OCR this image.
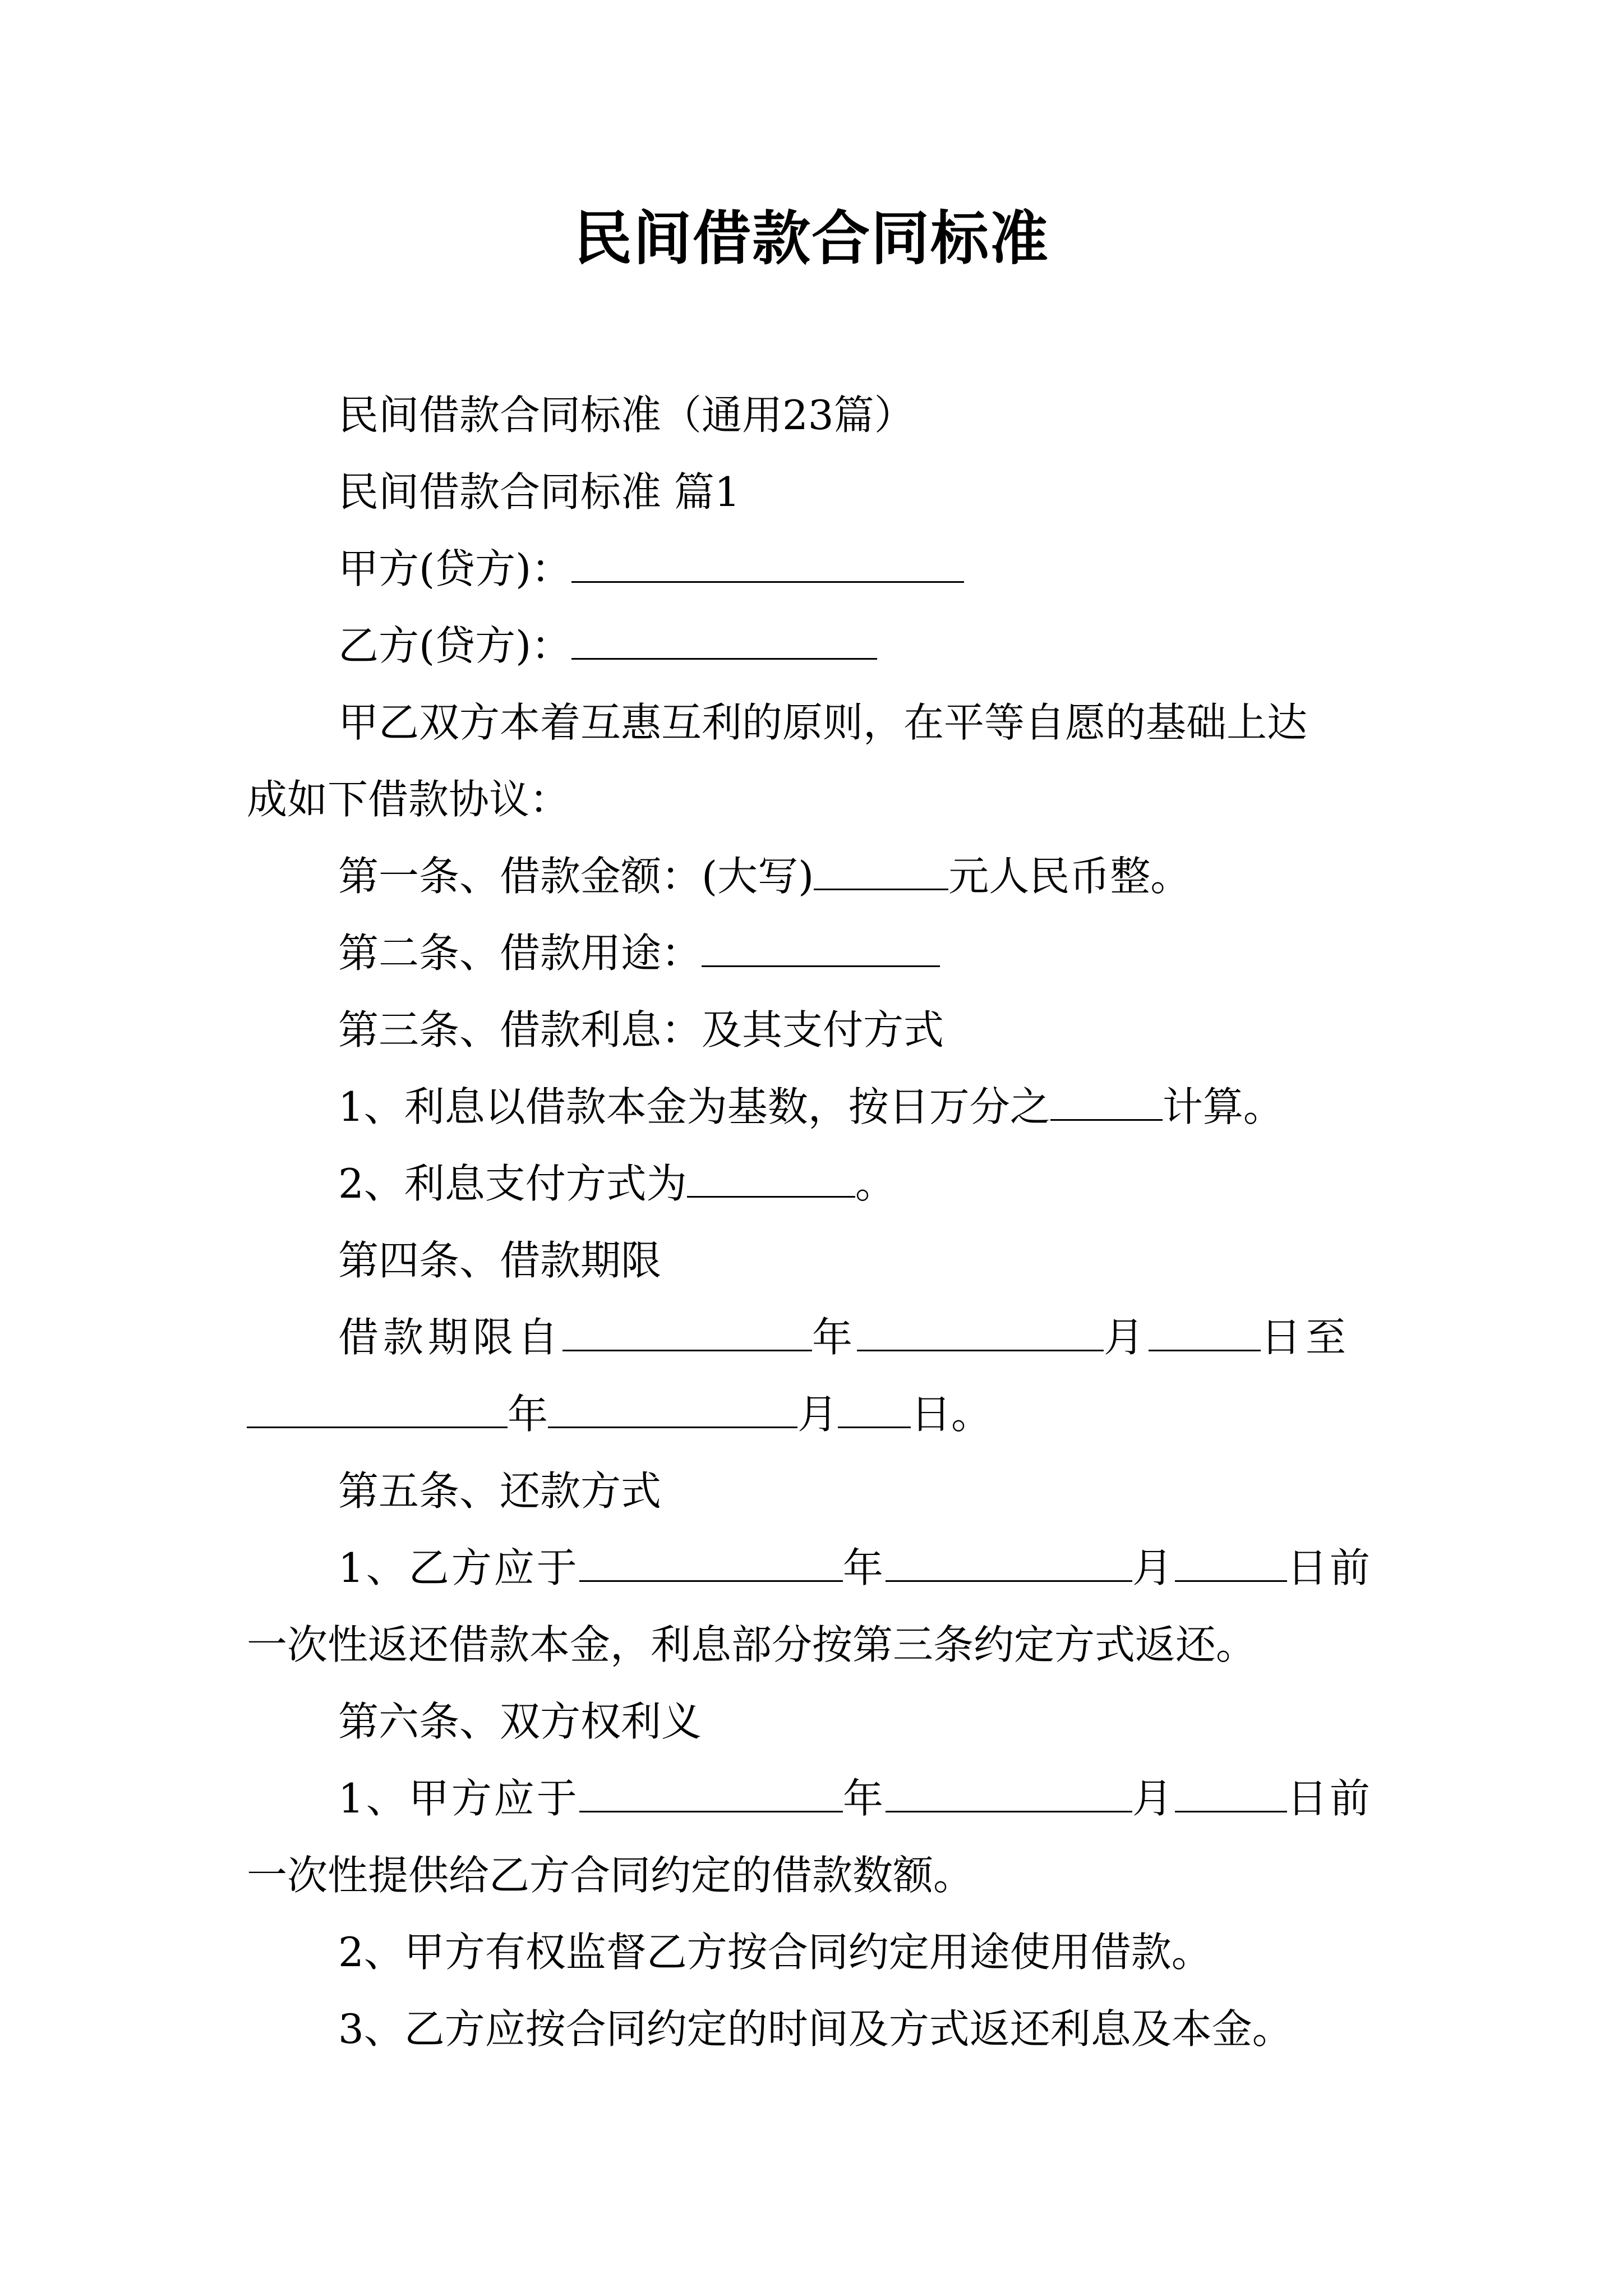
民间借款合同标准
民间借款合同标准（通用23篇）
民间借款合同标准 篇1
甲方(贷方)：
乙方(贷方)：
甲乙双方本着互惠互利的原则，在平等自愿的基础上达
成如下借款协议：
第一条、借款金额：(大写)	元人民币整。
第二条、借款用途：
第三条、借款利息：及其支付方式
1、利息以借款本金为基数，按日万分之	计算。
2、利息支付方式为	。
第四条、借款期限
借款期限自	年	月	日至
年	月 日。
第五条、还款方式
1、乙方应于	年	月	日前
一次性返还借款本金，利息部分按第三条约定方式返还。
第六条、双方权利义
1、甲方应于	年	月	日前
一次性提供给乙方合同约定的借款数额。
2、甲方有权监督乙方按合同约定用途使用借款。
3、乙方应按合同约定的时间及方式返还利息及本金。
